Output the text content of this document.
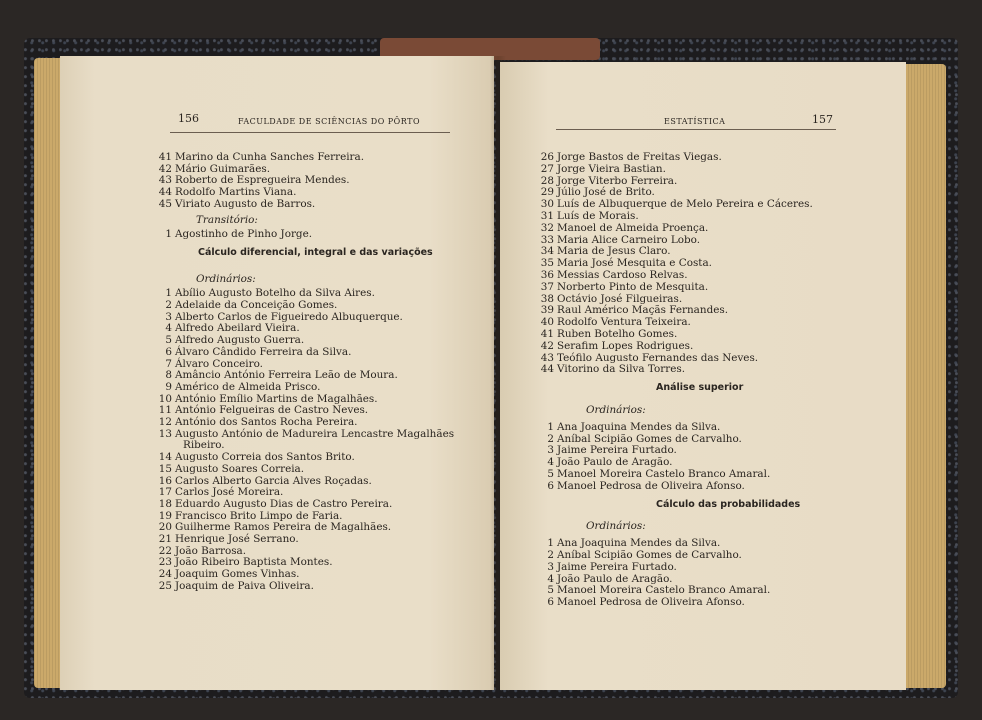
156	FACULDADE DE SCIÊNCIAS DO PÔRTO
41 Marino da Cunha Sanches Ferreira.
42 Mário Guimarães.
43 Roberto de Espregueira Mendes.
44 Rodolfo Martins Viana.
45 Viriato Augusto de Barros.
Transitório:
1 Agostinho de Pinho Jorge.
Cálculo diferencial, integral e das variações
Ordinários:
1 Abílio Augusto Botelho da Silva Aires.
2 Adelaide da Conceição Gomes.
3 Alberto Carlos de Figueiredo Albuquerque.
4 Alfredo Abeilard Vieira.
5 Alfredo Augusto Guerra.
6 Álvaro Cândido Ferreira da Silva.
7 Álvaro Conceiro.
8 Amâncio António Ferreira Leão de Moura.
9 Américo de Almeida Prisco.
10 António Emílio Martins de Magalhães.
11 António Felgueiras de Castro Neves.
12 António dos Santos Rocha Pereira.
13 Augusto António de Madureira Lencastre Magalhães
Ribeiro.
14 Augusto Correia dos Santos Brito.
15 Augusto Soares Correia.
16 Carlos Alberto Garcia Alves Roçadas.
17 Carlos José Moreira.
18 Eduardo Augusto Dias de Castro Pereira.
19 Francisco Brito Limpo de Faria.
20 Guilherme Ramos Pereira de Magalhães.
21 Henrique José Serrano.
22 João Barrosa.
23 João Ribeiro Baptista Montes.
24 Joaquim Gomes Vinhas.
25 Joaquim de Paiva Oliveira.
ESTATÍSTICA	157
26 Jorge Bastos de Freitas Viegas.
27 Jorge Vieira Bastian.
28 Jorge Viterbo Ferreira.
29 Júlio José de Brito.
30 Luís de Albuquerque de Melo Pereira e Cáceres.
31 Luís de Morais.
32 Manoel de Almeida Proença.
33 Maria Alice Carneiro Lobo.
34 Maria de Jesus Claro.
35 Maria José Mesquita e Costa.
36 Messias Cardoso Relvas.
37 Norberto Pinto de Mesquita.
38 Octávio José Filgueiras.
39 Raul Américo Maçãs Fernandes.
40 Rodolfo Ventura Teixeira.
41 Ruben Botelho Gomes.
42 Serafim Lopes Rodrigues.
43 Teófilo Augusto Fernandes das Neves.
44 Vitorino da Silva Torres.
Análise superior
Ordinários:
1 Ana Joaquina Mendes da Silva.
2 Aníbal Scipião Gomes de Carvalho.
3 Jaime Pereira Furtado.
4 João Paulo de Aragão.
5 Manoel Moreira Castelo Branco Amaral.
6 Manoel Pedrosa de Oliveira Afonso.
Cálculo das probabilidades
Ordinários:
1 Ana Joaquina Mendes da Silva.
2 Aníbal Scipião Gomes de Carvalho.
3 Jaime Pereira Furtado.
4 João Paulo de Aragão.
5 Manoel Moreira Castelo Branco Amaral.
6 Manoel Pedrosa de Oliveira Afonso.
